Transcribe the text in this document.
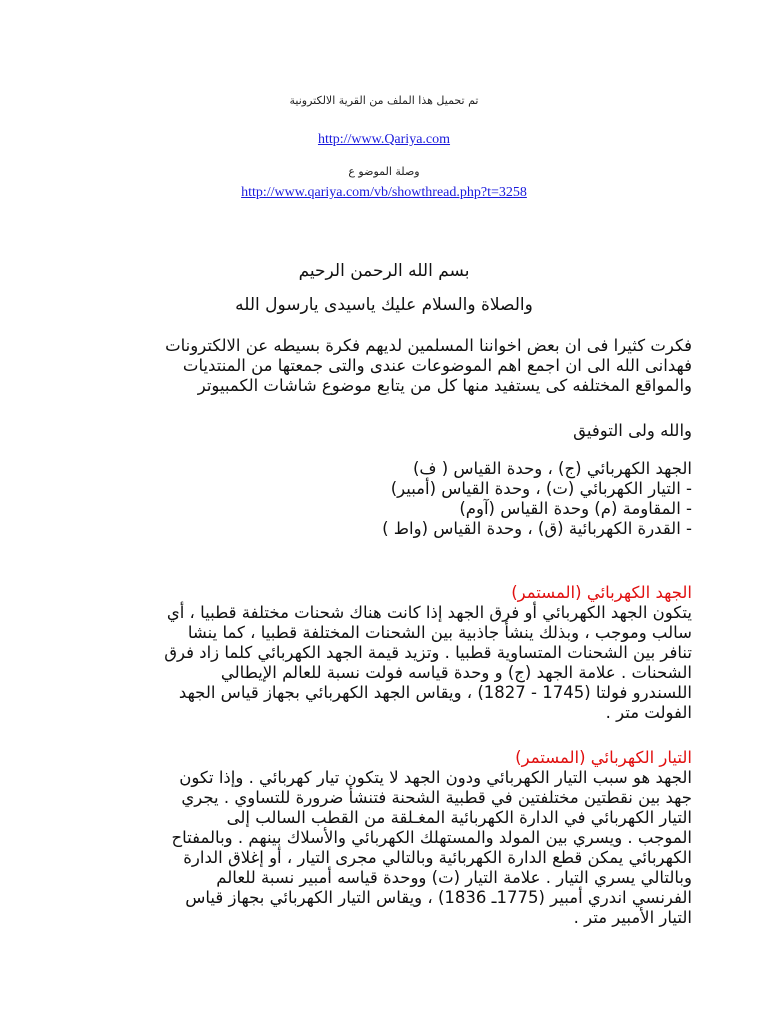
تم تحميل هذا الملف من القرية الالكترونية
http://www.Qariya.com
وصلة الموضو ع
http://www.qariya.com/vb/showthread.php?t=3258
بسم الله الرحمن الرحيم
والصلاة والسلام عليك ياسيدى يارسول الله
فكرت كثيرا فى ان بعض اخواننا المسلمين لديهم فكرة بسيطه عن الالكترونات
فهدانى الله الى ان اجمع اهم الموضوعات عندى والتى جمعتها من المنتديات
والمواقع المختلفه كى يستفيد منها كل من يتابع موضوع شاشات الكمبيوتر
والله ولى التوفيق
الجهد الكهربائي (ج) ، وحدة القياس ( ف)
- التيار الكهربائي (ت) ، وحدة القياس (أمبير)
- المقاومة (م) وحدة القياس (آوم)
- القدرة الكهربائية (ق) ، وحدة القياس (واط )
الجهد الكهربائي (المستمر)
يتكون الجهد الكهربائي أو فرق الجهد إذا كانت هناك شحنات مختلفة قطبيا ، أي
سالب وموجب ، وبذلك ينشأ جاذبية بين الشحنات المختلفة قطبيا ، كما ينشا
تنافر بين الشحنات المتساوية قطبيا . وتزيد قيمة الجهد الكهربائي كلما زاد فرق
الشحنات . علامة الجهد (ج) و وحدة قياسه فولت نسبة للعالم الإيطالي
اللسندرو فولتا (1745 - 1827) ، ويقاس الجهد الكهربائي بجهاز قياس الجهد
الفولت متر .
التيار الكهربائي (المستمر)
الجهد هو سبب التيار الكهربائي ودون الجهد لا يتكون تيار كهربائي . وإذا تكون
جهد بين نقطتين مختلفتين في قطبية الشحنة فتنشأ ضرورة للتساوي . يجري
التيار الكهربائي في الدارة الكهربائية المغـلقة من القطب السالب إلى
الموجب . ويسري بين المولد والمستهلك الكهربائي والأسلاك بينهم . وبالمفتاح
الكهربائي يمكن قطع الدارة الكهربائية وبالتالي مجرى التيار ، أو إغلاق الدارة
وبالتالي يسري التيار . علامة التيار (ت) ووحدة قياسه أمبير نسبة للعالم
الفرنسي اندري أمبير (1775ـ 1836) ، ويقاس التيار الكهربائي بجهاز قياس
التيار الأمبير متر .
